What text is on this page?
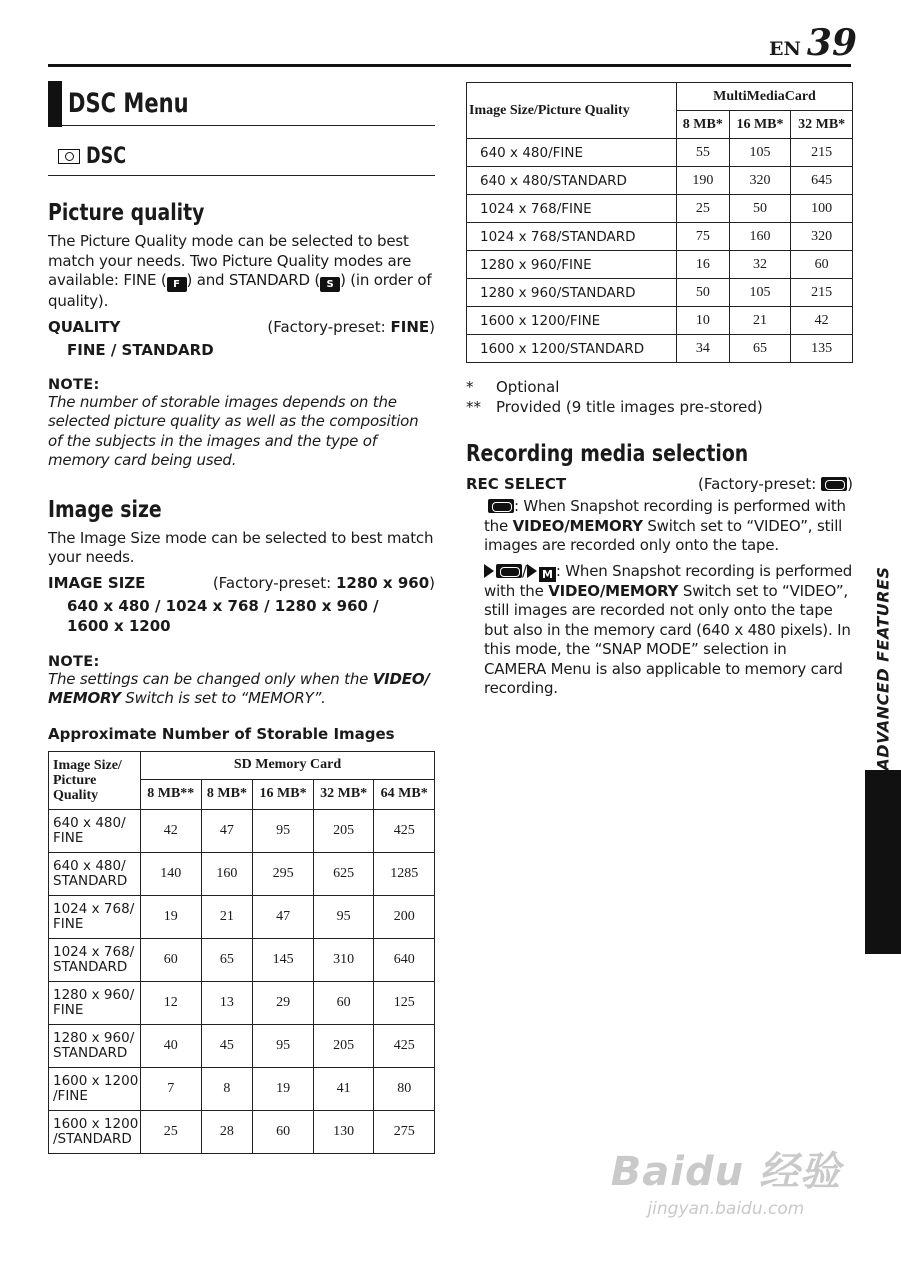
EN 39
DSC Menu
DSC
Picture quality

The Picture Quality mode can be selected to best match your needs. Two Picture Quality modes are available: FINE ( F ) and STANDARD ( S ) (in order of quality).

QUALITY	(Factory-preset: FINE)
FINE / STANDARD
NOTE:

The number of storable images depends on the selected picture quality as well as the composition of the subjects in the images and the type of memory card being used.

Image size

The Image Size mode can be selected to best match your needs.

IMAGE SIZE	(Factory-preset: 1280 x 960)
640 x 480 / 1024 x 768 / 1280 x 960 /
1600 x 1200
NOTE:

The settings can be changed only when the VIDEO/ MEMORY Switch is set to “MEMORY”.

Approximate Number of Storable Images
Image Size/ Picture Quality	SD Memory Card				
	8 MB**	8 MB*	16 MB*	32 MB*	64 MB*

640 x 480/
FINE	42	47	95	205	425

640 x 480/
STANDARD	140	160	295	625	1285

1024 x 768/
FINE	19	21	47	95	200

1024 x 768/
STANDARD	60	65	145	310	640

1280 x 960/
FINE	12	13	29	60	125

1280 x 960/
STANDARD	40	45	95	205	425

1600 x 1200
/FINE	7	8	19	41	80

1600 x 1200
/STANDARD	25	28	60	130	275
Image Size/Picture Quality	MultiMediaCard		
	8 MB*	16 MB*	32 MB*
640 x 480/FINE	55	105	215
640 x 480/STANDARD	190	320	645
1024 x 768/FINE	25	50	100
1024 x 768/STANDARD	75	160	320
1280 x 960/FINE	16	32	60
1280 x 960/STANDARD	50	105	215
1600 x 1200/FINE	10	21	42
1600 x 1200/STANDARD	34	65	135
*	Optional
**	Provided (9 title images pre-stored)
Recording media selection
REC SELECT	(Factory-preset: )

: When Snapshot recording is performed with the VIDEO/MEMORY Switch set to “VIDEO”, still images are recorded only onto the tape.

/ M : When Snapshot recording is performed with the VIDEO/MEMORY Switch set to “VIDEO”, still images are recorded not only onto the tape but also in the memory card (640 x 480 pixels). In this mode, the “SNAP MODE” selection in CAMERA Menu is also applicable to memory card recording.	ADVANCED FEATURES
Baidu 经验
jingyan.baidu.com
